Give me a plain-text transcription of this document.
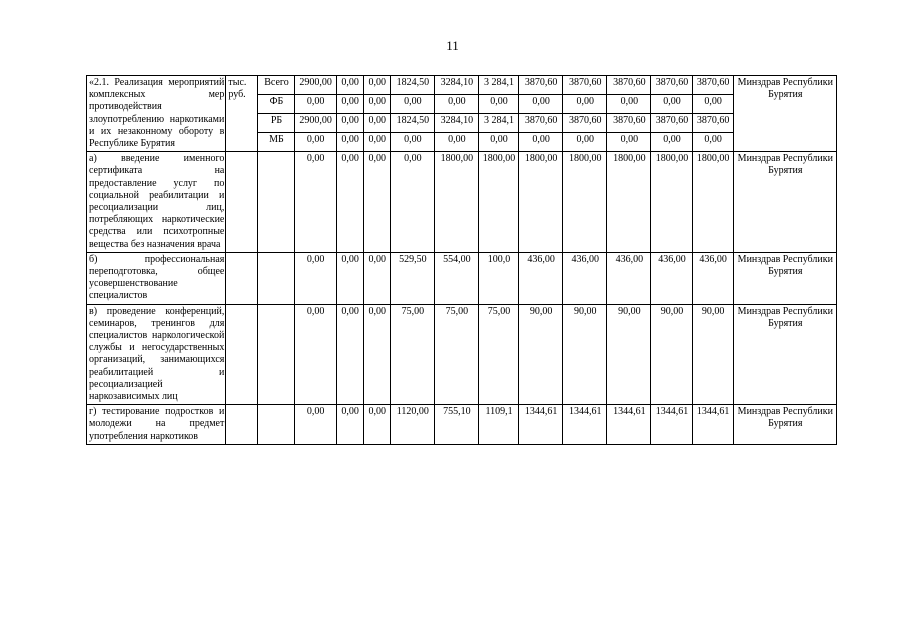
11
«2.1. Реализация мероприятий комплексных мер противодействия злоупотреблению наркотиками и их незаконному обороту в Республике Бурятия	тыс. руб.	Всего	2900,00	0,00	0,00	1824,50	3284,10	3 284,1	3870,60	3870,60	3870,60	3870,60	3870,60	Минздрав Республики Бурятия
		ФБ	0,00	0,00	0,00	0,00	0,00	0,00	0,00	0,00	0,00	0,00	0,00	
		РБ	2900,00	0,00	0,00	1824,50	3284,10	3 284,1	3870,60	3870,60	3870,60	3870,60	3870,60	
		МБ	0,00	0,00	0,00	0,00	0,00	0,00	0,00	0,00	0,00	0,00	0,00	
а) введение именного сертификата на предоставление услуг по социальной реабилитации и ресоциализации лиц, потребляющих наркотические средства или психотропные вещества без назначения врача			0,00	0,00	0,00	0,00	1800,00	1800,00	1800,00	1800,00	1800,00	1800,00	1800,00	Минздрав Республики Бурятия
б) профессиональная переподготовка, общее усовершенствование специалистов			0,00	0,00	0,00	529,50	554,00	100,0	436,00	436,00	436,00	436,00	436,00	Минздрав Республики Бурятия
в) проведение конференций, семинаров, тренингов для специалистов наркологической службы и негосударственных организаций, занимающихся реабилитацией и ресоциализацией наркозависимых лиц			0,00	0,00	0,00	75,00	75,00	75,00	90,00	90,00	90,00	90,00	90,00	Минздрав Республики Бурятия
г) тестирование подростков и молодежи на предмет употребления наркотиков			0,00	0,00	0,00	1120,00	755,10	1109,1	1344,61	1344,61	1344,61	1344,61	1344,61	Минздрав Республики Бурятия
